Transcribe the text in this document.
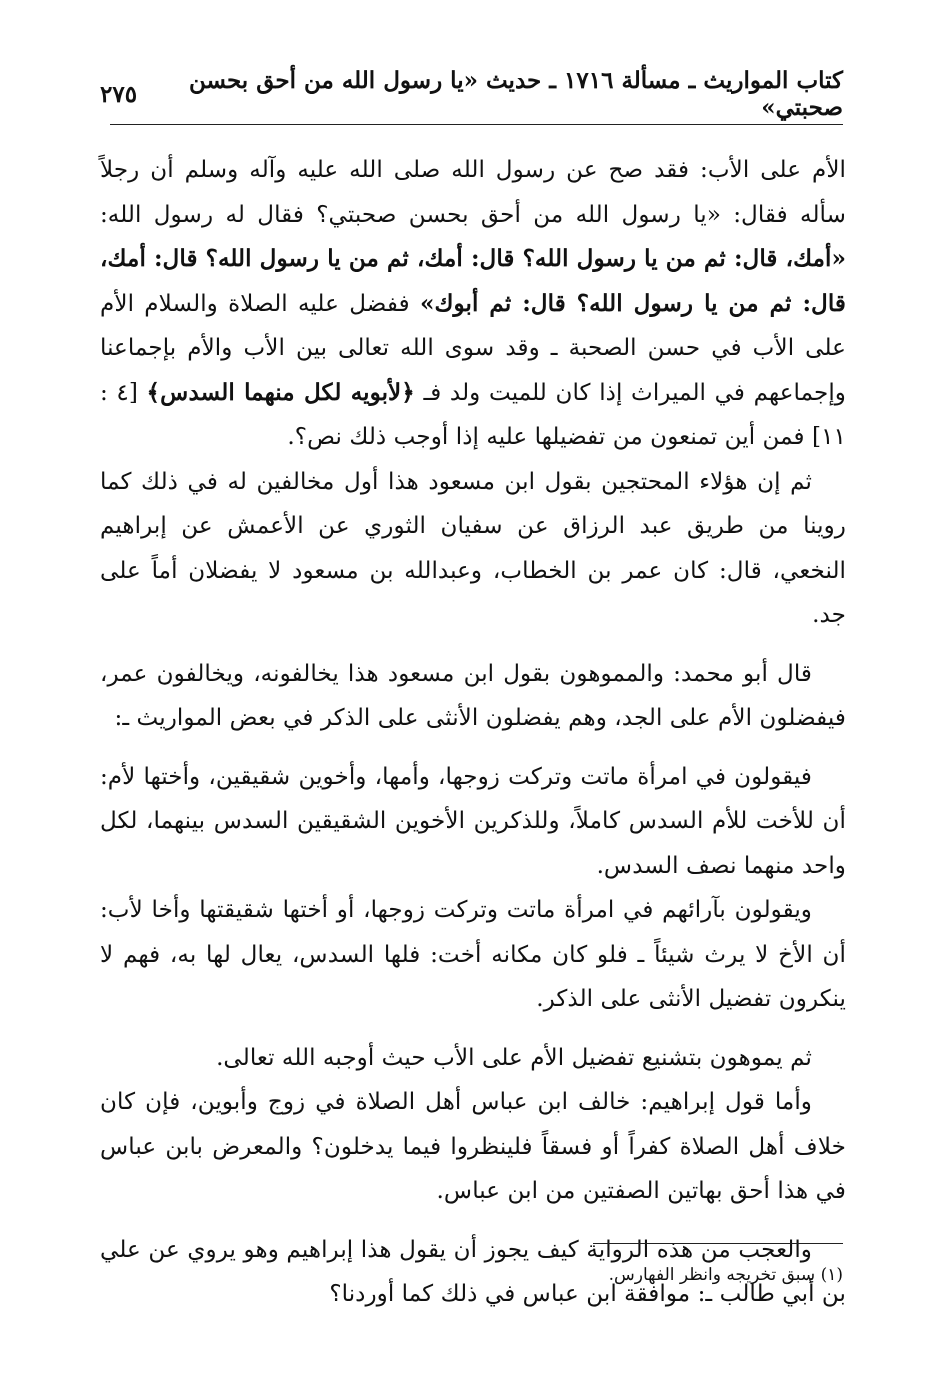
كتاب المواريث ـ مسألة ١٧١٦ ـ حديث «يا رسول الله من أحق بحسن صحبتي»
٢٧٥

الأم على الأب: فقد صح عن رسول الله صلى الله عليه وآله وسلم أن رجلاً سأله فقال: «يا رسول الله من أحق بحسن صحبتي؟ فقال له رسول الله: «أمك، قال: ثم من يا رسول الله؟ قال: أمك، ثم من يا رسول الله؟ قال: أمك، قال: ثم من يا رسول الله؟ قال: ثم أبوك» ففضل عليه الصلاة والسلام الأم على الأب في حسن الصحبة ـ وقد سوى الله تعالى بين الأب والأم بإجماعنا وإجماعهم في الميراث إذا كان للميت ولد فـ ﴿لأبويه لكل منهما السدس﴾ [٤ : ١١] فمن أين تمنعون من تفضيلها عليه إذا أوجب ذلك نص؟.

ثم إن هؤلاء المحتجين بقول ابن مسعود هذا أول مخالفين له في ذلك كما روينا من طريق عبد الرزاق عن سفيان الثوري عن الأعمش عن إبراهيم النخعي، قال: كان عمر بن الخطاب، وعبدالله بن مسعود لا يفضلان أماً على جد.

قال أبو محمد: والمموهون بقول ابن مسعود هذا يخالفونه، ويخالفون عمر، فيفضلون الأم على الجد، وهم يفضلون الأنثى على الذكر في بعض المواريث ـ:

فيقولون في امرأة ماتت وتركت زوجها، وأمها، وأخوين شقيقين، وأختها لأم: أن للأخت للأم السدس كاملاً، وللذكرين الأخوين الشقيقين السدس بينهما، لكل واحد منهما نصف السدس.

ويقولون بآرائهم في امرأة ماتت وتركت زوجها، أو أختها شقيقتها وأخا لأب: أن الأخ لا يرث شيئاً ـ فلو كان مكانه أخت: فلها السدس، يعال لها به، فهم لا ينكرون تفضيل الأنثى على الذكر.

ثم يموهون بتشنيع تفضيل الأم على الأب حيث أوجبه الله تعالى.

وأما قول إبراهيم: خالف ابن عباس أهل الصلاة في زوج وأبوين، فإن كان خلاف أهل الصلاة كفراً أو فسقاً فلينظروا فيما يدخلون؟ والمعرض بابن عباس في هذا أحق بهاتين الصفتين من ابن عباس.

والعجب من هذه الرواية كيف يجوز أن يقول هذا إبراهيم وهو يروي عن علي بن أبي طالب ـ: موافقة ابن عباس في ذلك كما أوردنا؟

(١) سبق تخريجه وانظر الفهارس.
